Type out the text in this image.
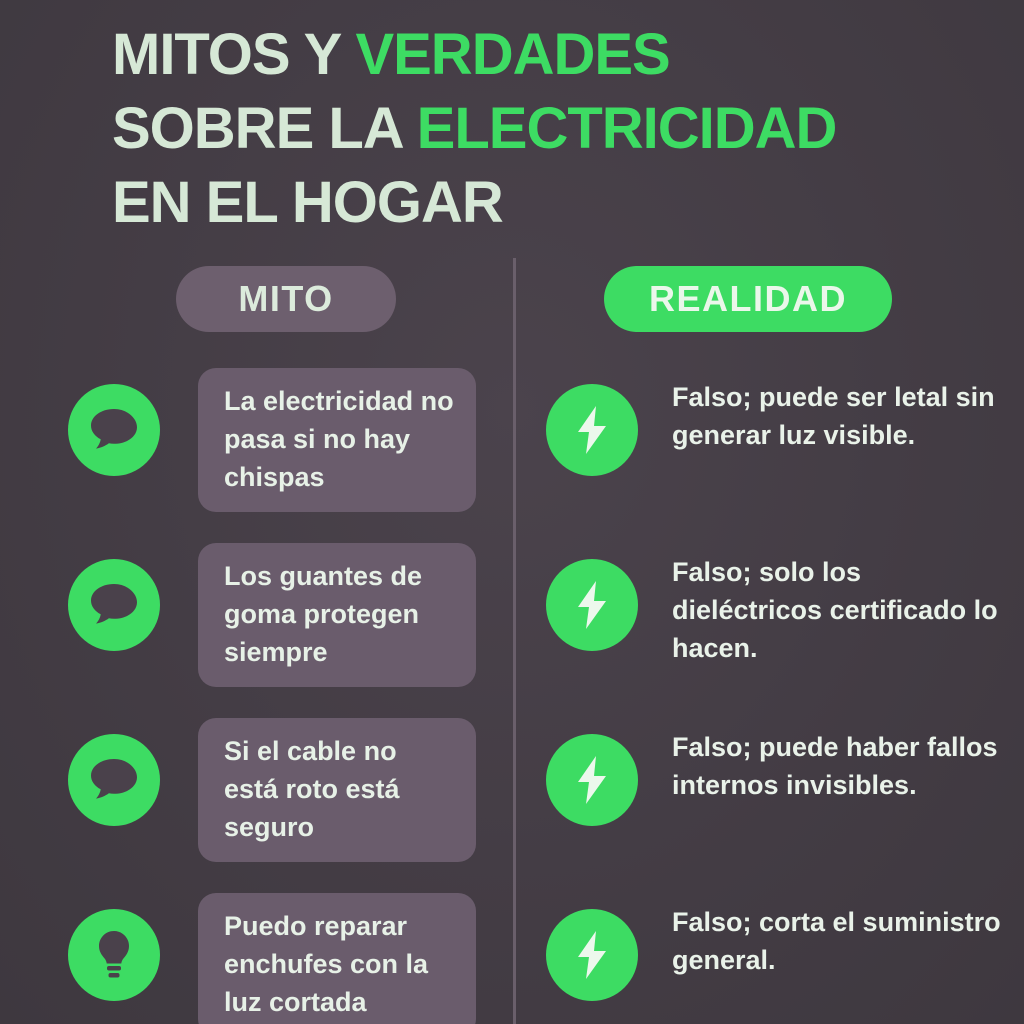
MITOS Y VERDADES
SOBRE LA ELECTRICIDAD
EN EL HOGAR
MITO	REALIDAD
La electricidad no pasa si no hay chispas
Falso; puede ser letal sin generar luz visible.
Los guantes de goma protegen siempre
Falso; solo los dieléctricos certificado lo hacen.
Si el cable no está roto está seguro
Falso; puede haber fallos internos invisibles.
Puedo reparar enchufes con la luz cortada
Falso; corta el suministro general.
